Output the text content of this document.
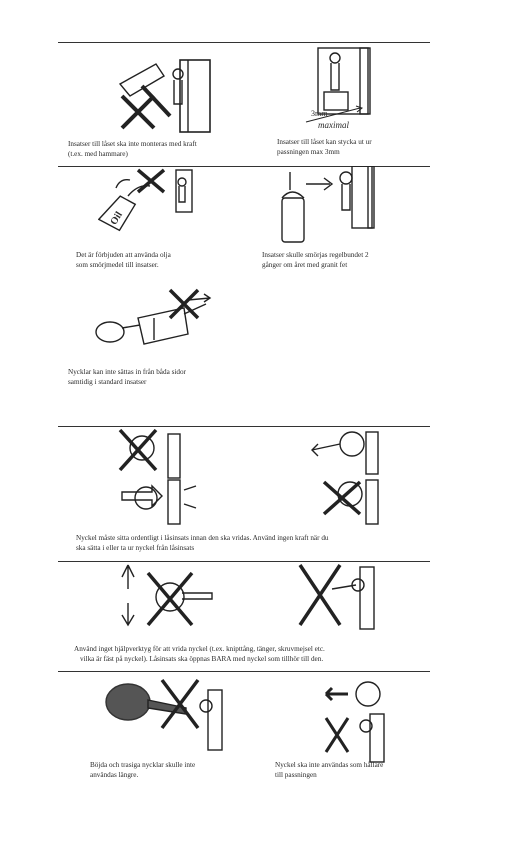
3mm
maximal
Insatser till låset ska inte monteras med kraft
(t.ex. med hammare)
Insatser till låset kan stycka ut ur
passningen max 3mm
Oil
Det är förbjuden att använda olja
som smörjmedel till insatser.
Insatser skulle smörjas regelbundet 2
gånger om året med granit fet
Nycklar kan inte sättas in från båda sidor
samtidig i standard insatser
Nyckel måste sitta ordentligt i låsinsats innan den ska vridas. Använd ingen kraft när du
ska sätta i eller ta ur nyckel från låsinsats
Använd inget hjälpverktyg för att vrida nyckel (t.ex. knipttång, tänger, skruvmejsel etc.
vilka är fäst på nyckel). Låsinsats ska öppnas BARA med nyckel som tillhör till den.
Böjda och trasiga nycklar skulle inte
användas längre.
Nyckel ska inte användas som hållare
till passningen
